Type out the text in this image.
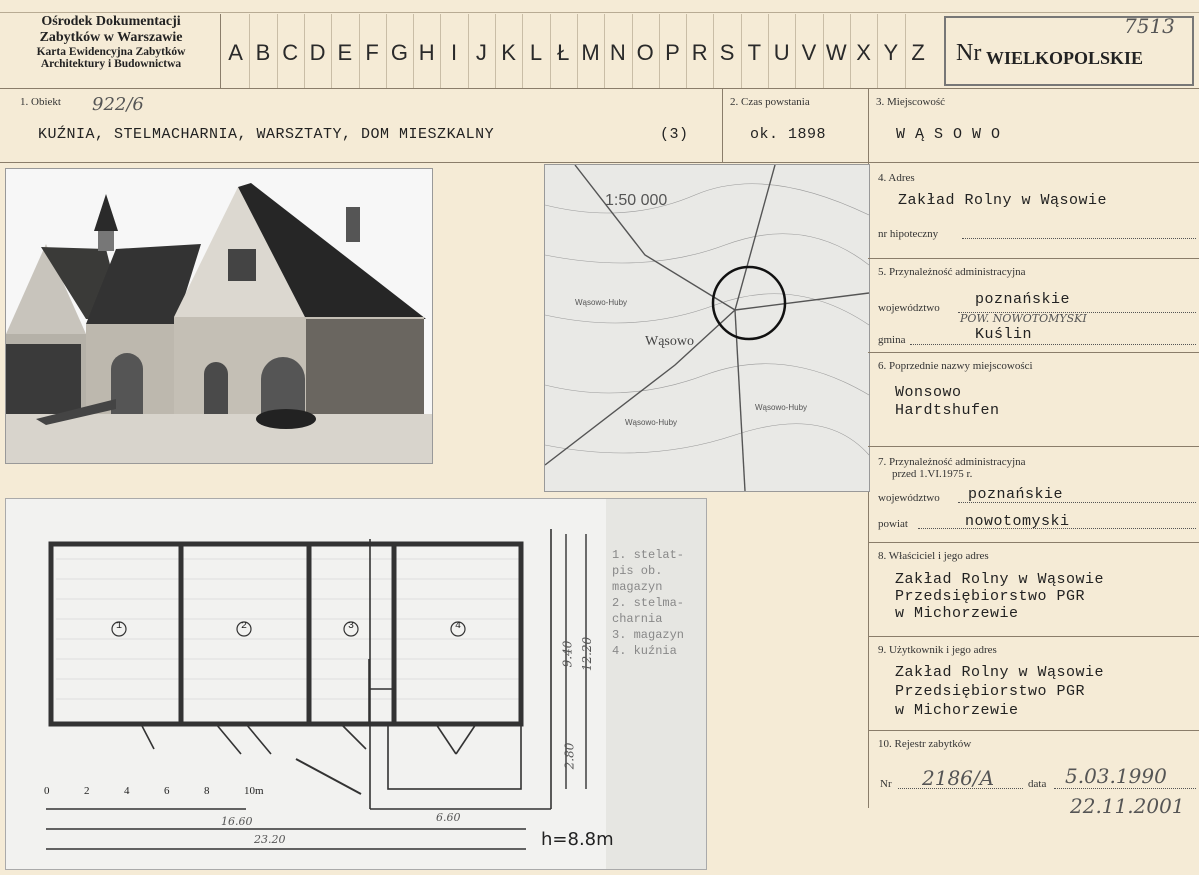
Ośrodek Dokumentacji
Zabytków w Warszawie
Karta Ewidencyjna Zabytków
Architektury i Budownictwa	A B C D E F G H I J K L Ł M N O P R S T U V W X Y Z Nr WIELKOPOLSKIE
7513
1. Obiekt 922/6
KUŹNIA, STELMACHARNIA, WARSZTATY, DOM MIESZKALNY	(3)
2. Czas powstania
ok. 1898
3. Miejscowość
W Ą S O W O
1:50 000
Wąsowo
Wąsowo-Huby
Wąsowo-Huby
Wąsowo-Huby
1	2	3	4
1. stelat-
pis ob.
magazyn
2. stelma-
charnia
3. magazyn
4. kuźnia
9.40 12.20
2.80
0	2	4	6	8	10m
16.60	6.60
23.20	h=8.8m
4. Adres
Zakład Rolny w Wąsowie
nr hipoteczny
5. Przynależność administracyjna
województwo poznańskie
POW. NOWOTOMYSKI
gmina	Kuślin
6. Poprzednie nazwy miejscowości
Wonsowo
Hardtshufen
7. Przynależność administracyjna
przed 1.VI.1975 r.
województwo poznańskie
powiat	nowotomyski
8. Właściciel i jego adres
Zakład Rolny w Wąsowie
Przedsiębiorstwo PGR
w Michorzewie
9. Użytkownik i jego adres
Zakład Rolny w Wąsowie
Przedsiębiorstwo PGR
w Michorzewie
10. Rejestr zabytków
Nr 2186/A	data 5.03.1990
22.11.2001
